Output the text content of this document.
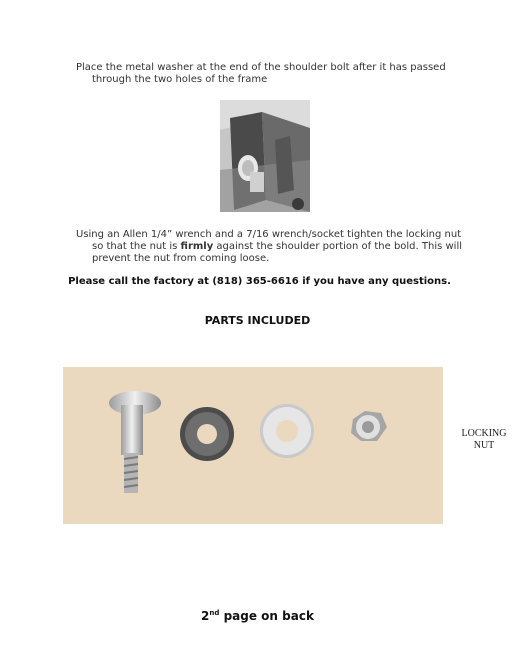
Place the metal washer at the end of the shoulder bolt after it has passed
through the two holes of the frame
Using an Allen 1/4” wrench and a 7/16 wrench/socket tighten the locking nut
so that the nut is firmly against the shoulder portion of the bold. This will
prevent the nut from coming loose.
Please call the factory at (818) 365-6616 if you have any questions.
PARTS INCLUDED
LOCKING
NUT
2nd page on back
